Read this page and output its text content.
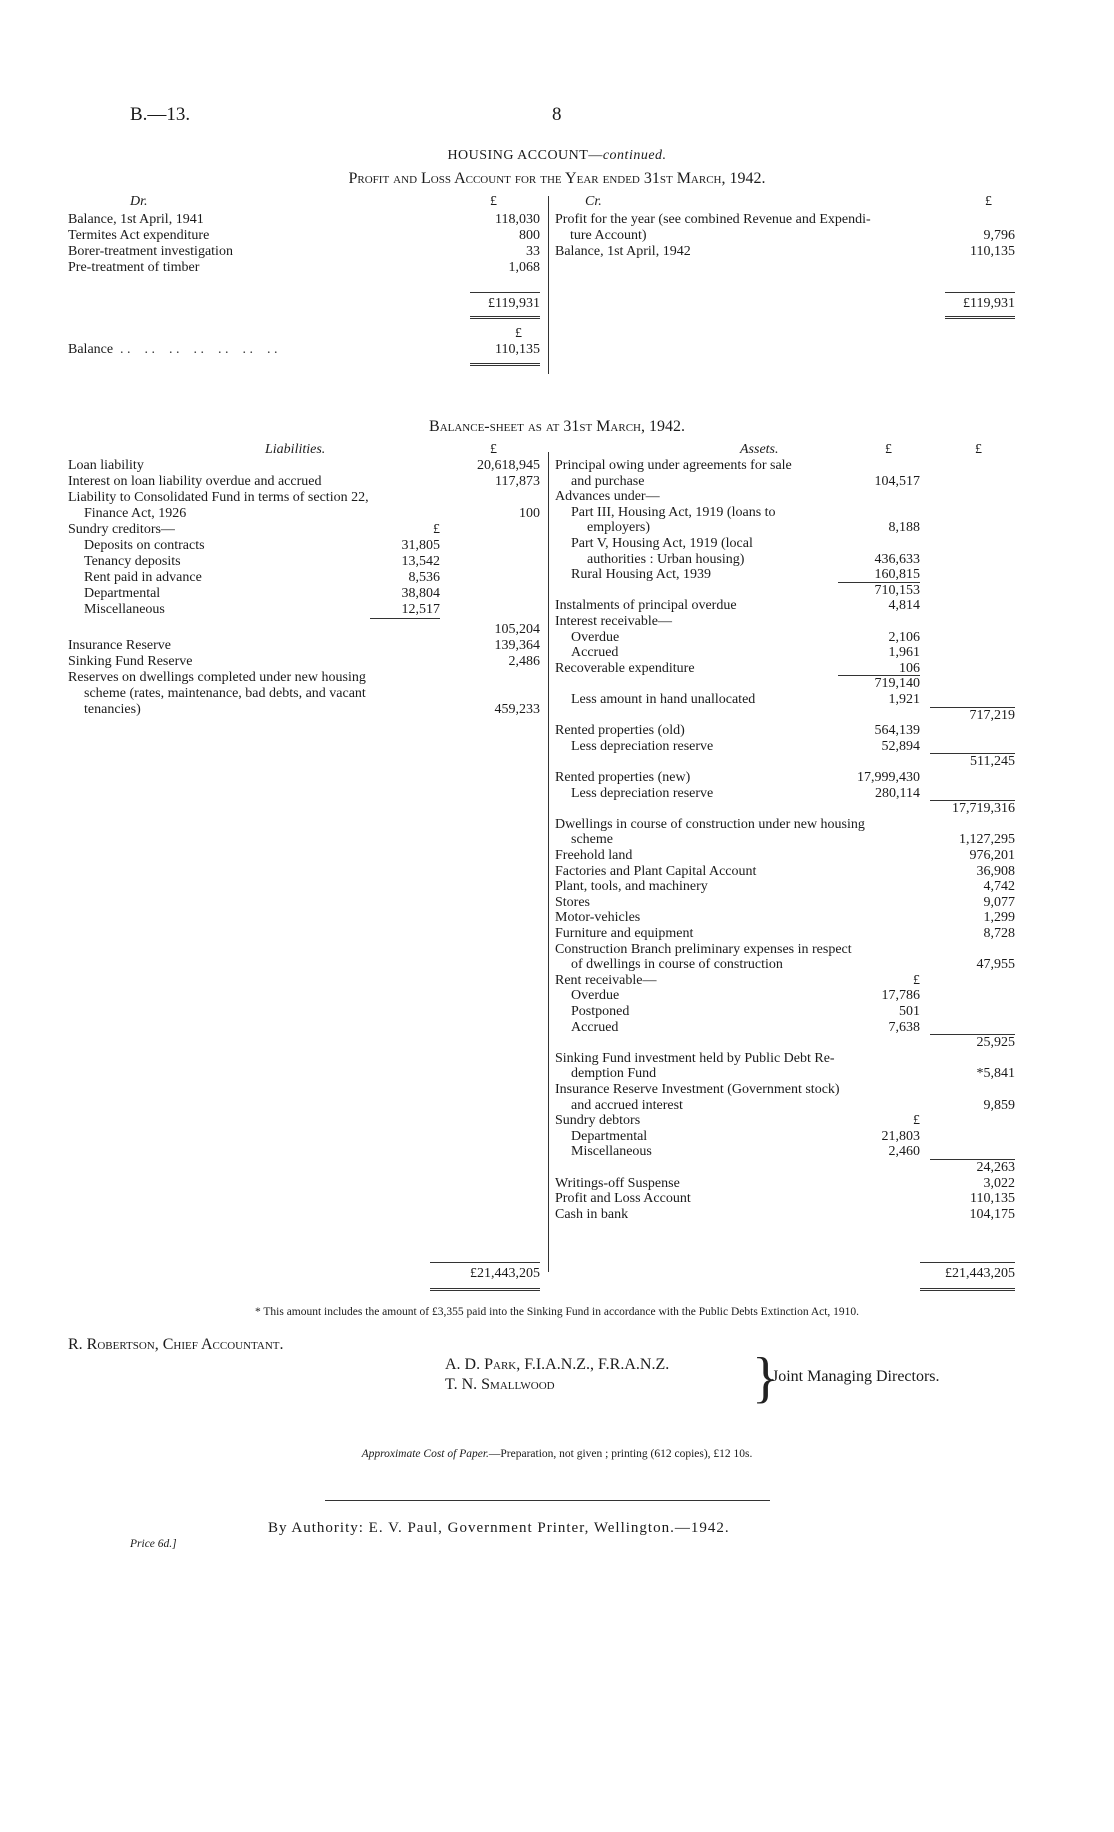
B.—13.	8
HOUSING ACCOUNT—continued.
Profit and Loss Account for the Year ended 31st March, 1942.
Dr.	Cr.
£	£
Balance, 1st April, 1941	118,030
Termites Act expenditure	800
Borer-treatment investigation	33
Pre-treatment of timber	1,068
Profit for the year (see combined Revenue and Expendi-
ture Account)	9,796
Balance, 1st April, 1942	110,135
£119,931	£119,931
£
Balance . .    . .    . .    . .    . .    . .    . .	110,135
Balance-sheet as at 31st March, 1942.
Liabilities.	Assets.
£	£	£
Loan liability	20,618,945
Interest on loan liability overdue and accrued	117,873
Liability to Consolidated Fund in terms of section 22,
Finance Act, 1926	100
Sundry creditors—	£
Deposits on contracts	31,805
Tenancy deposits	13,542
Rent paid in advance	8,536
Departmental	38,804
Miscellaneous	12,517
105,204
Insurance Reserve	139,364
Sinking Fund Reserve	2,486
Reserves on dwellings completed under new housing
scheme (rates, maintenance, bad debts, and vacant
tenancies)	459,233
Principal owing under agreements for sale
and purchase	104,517
Advances under—
Part III, Housing Act, 1919 (loans to
employers)	8,188
Part V, Housing Act, 1919 (local
authorities : Urban housing)	436,633
Rural Housing Act, 1939	160,815
710,153
Instalments of principal overdue	4,814
Interest receivable—
Overdue	2,106
Accrued	1,961
Recoverable expenditure	106
719,140
Less amount in hand unallocated	1,921
717,219
Rented properties (old)	564,139
Less depreciation reserve	52,894
511,245
Rented properties (new)	17,999,430
Less depreciation reserve	280,114
17,719,316
Dwellings in course of construction under new housing
scheme	1,127,295
Freehold land	976,201
Factories and Plant Capital Account	36,908
Plant, tools, and machinery	4,742
Stores	9,077
Motor-vehicles	1,299
Furniture and equipment	8,728
Construction Branch preliminary expenses in respect
of dwellings in course of construction	47,955
Rent receivable—	£
Overdue	17,786
Postponed	501
Accrued	7,638
25,925
Sinking Fund investment held by Public Debt Re-
demption Fund	*5,841
Insurance Reserve Investment (Government stock)
and accrued interest	9,859
Sundry debtors	£
Departmental	21,803
Miscellaneous	2,460
24,263
Writings-off Suspense	3,022
Profit and Loss Account	110,135
Cash in bank	104,175
£21,443,205	£21,443,205
* This amount includes the amount of £3,355 paid into the Sinking Fund in accordance with the Public Debts Extinction Act, 1910.
R. Robertson, Chief Accountant.
A. D. Park, F.I.A.N.Z., F.R.A.N.Z.
T. N. Smallwood	}
Joint Managing Directors.
Approximate Cost of Paper.—Preparation, not given ; printing (612 copies), £12 10s.
By Authority: E. V. Paul, Government Printer, Wellington.—1942.
Price 6d.]
